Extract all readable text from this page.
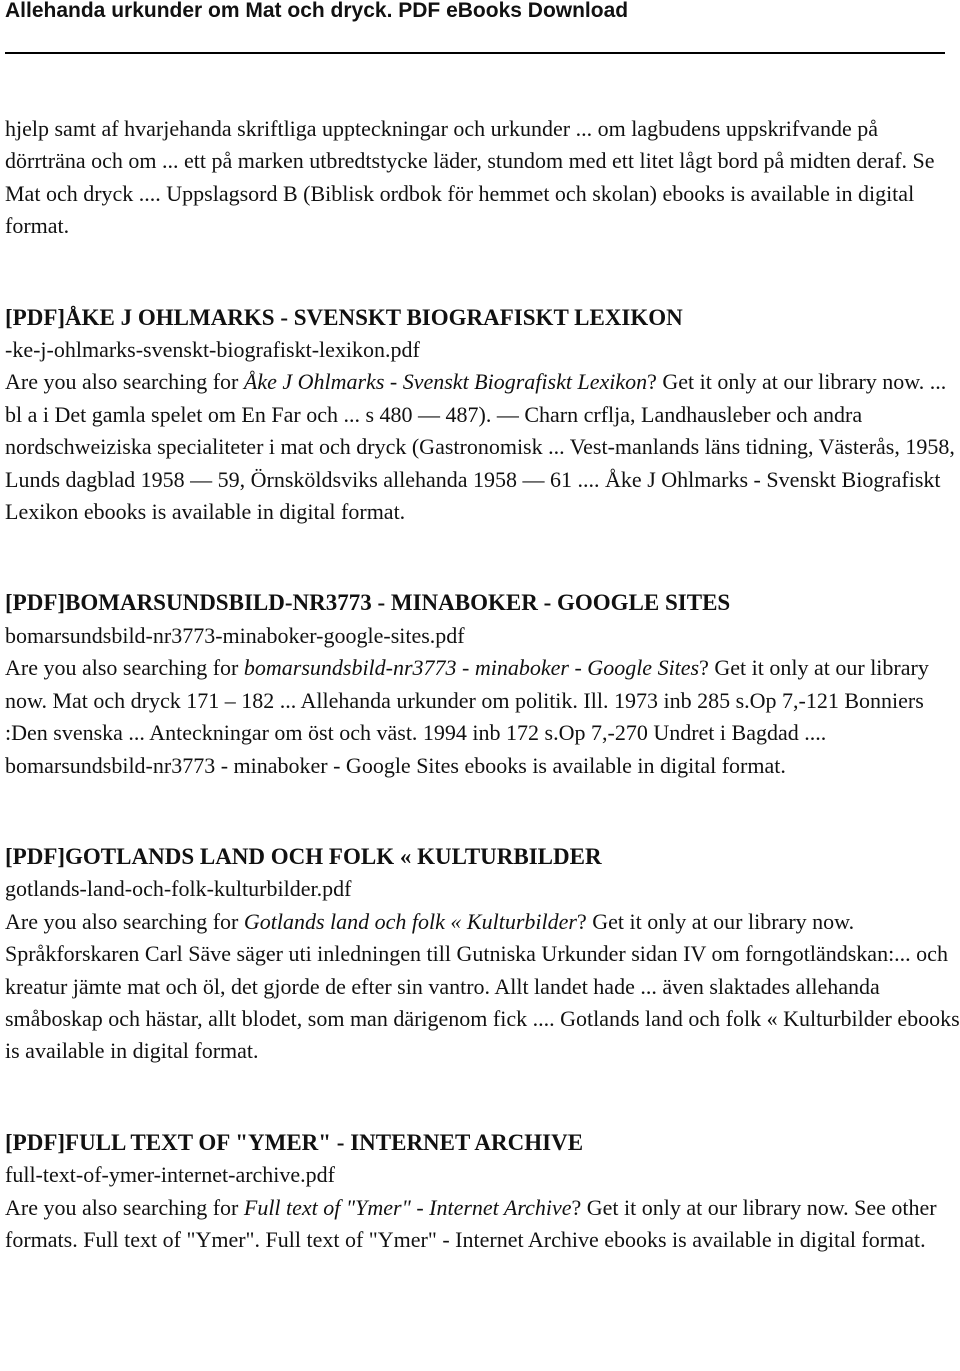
Allehanda urkunder om Mat och dryck. PDF eBooks Download

hjelp samt af hvarjehanda skriftliga uppteckningar och urkunder ... om lagbudens uppskrifvande på dörrträna och om ... ett på marken utbredtstycke läder, stundom med ett litet lågt bord på midten deraf. Se Mat och dryck .... Uppslagsord B (Biblisk ordbok för hemmet och skolan) ebooks is available in digital format.

[PDF]ÅKE J OHLMARKS - SVENSKT BIOGRAFISKT LEXIKON

-ke-j-ohlmarks-svenskt-biografiskt-lexikon.pdf

Are you also searching for Åke J Ohlmarks - Svenskt Biografiskt Lexikon? Get it only at our library now. ... bl a i Det gamla spelet om En Far och ... s 480 — 487). — Charn crflja, Landhausleber och andra nordschweiziska specialiteter i mat och dryck (Gastronomisk ... Vest-manlands läns tidning, Västerås, 1958, Lunds dagblad 1958 — 59, Örnsköldsviks allehanda 1958 — 61 .... Åke J Ohlmarks - Svenskt Biografiskt Lexikon ebooks is available in digital format.

[PDF]BOMARSUNDSBILD-NR3773 - MINABOKER - GOOGLE SITES

bomarsundsbild-nr3773-minaboker-google-sites.pdf

Are you also searching for bomarsundsbild-nr3773 - minaboker - Google Sites? Get it only at our library now. Mat och dryck 171 – 182 ... Allehanda urkunder om politik. Ill. 1973 inb 285 s.Op 7,-121 Bonniers :Den svenska ... Anteckningar om öst och väst. 1994 inb 172 s.Op 7,-270 Undret i Bagdad .... bomarsundsbild-nr3773 - minaboker - Google Sites ebooks is available in digital format.

[PDF]GOTLANDS LAND OCH FOLK « KULTURBILDER

gotlands-land-och-folk-kulturbilder.pdf

Are you also searching for Gotlands land och folk « Kulturbilder? Get it only at our library now. Språkforskaren Carl Säve säger uti inledningen till Gutniska Urkunder sidan IV om forngotländskan:... och kreatur jämte mat och öl, det gjorde de efter sin vantro. Allt landet hade ... även slaktades allehanda småboskap och hästar, allt blodet, som man därigenom fick .... Gotlands land och folk « Kulturbilder ebooks is available in digital format.

[PDF]FULL TEXT OF "YMER" - INTERNET ARCHIVE

full-text-of-ymer-internet-archive.pdf

Are you also searching for Full text of "Ymer" - Internet Archive? Get it only at our library now. See other formats. Full text of "Ymer". Full text of "Ymer" - Internet Archive ebooks is available in digital format.
